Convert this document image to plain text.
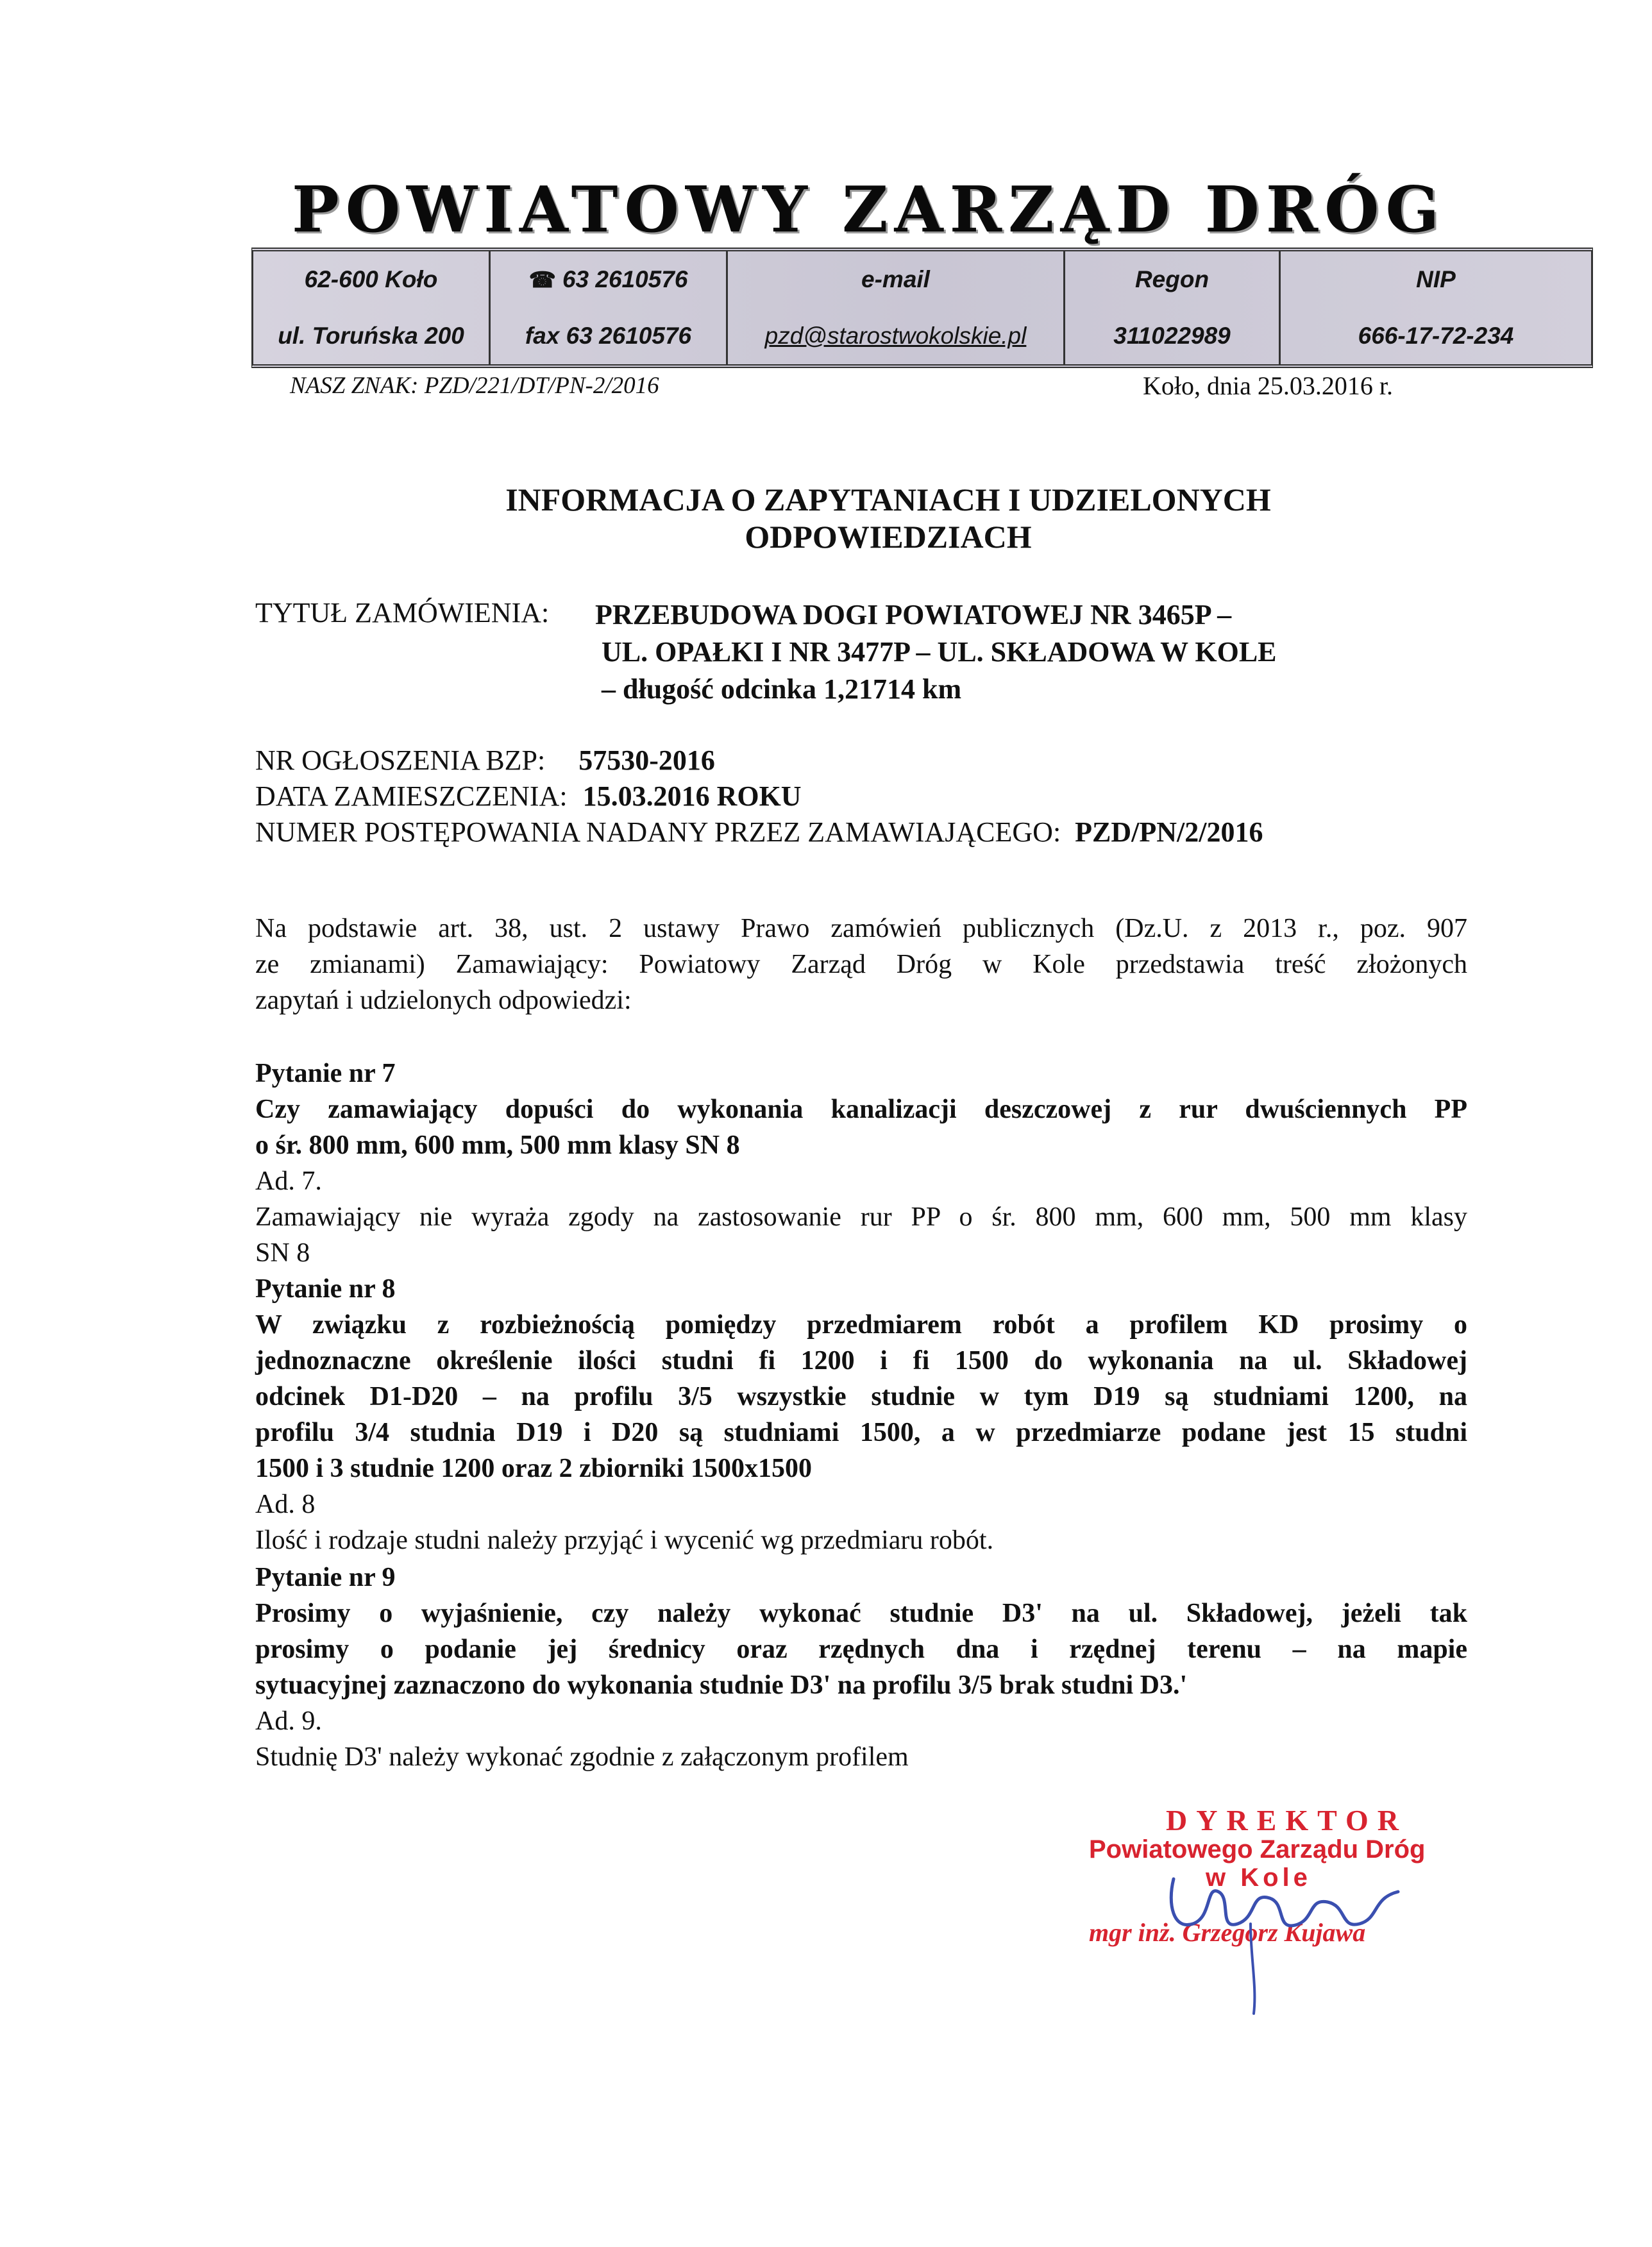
POWIATOWY ZARZĄD DRÓG
62-600 Koło
ul. Toruńska 200
☎ 63 2610576
fax 63 2610576
e-mail
pzd@starostwokolskie.pl
Regon
311022989
NIP
666-17-72-234
NASZ ZNAK: PZD/221/DT/PN-2/2016	Koło, dnia 25.03.2016 r.
INFORMACJA O ZAPYTANIACH I UDZIELONYCH
ODPOWIEDZIACH
TYTUŁ ZAMÓWIENIA: PRZEBUDOWA DOGI POWIATOWEJ NR 3465P –
UL. OPAŁKI I NR 3477P – UL. SKŁADOWA W KOLE
– długość odcinka 1,21714 km
NR OGŁOSZENIA BZP: 57530-2016
DATA ZAMIESZCZENIA: 15.03.2016 ROKU
NUMER POSTĘPOWANIA NADANY PRZEZ ZAMAWIAJĄCEGO: PZD/PN/2/2016
Na podstawie art. 38, ust. 2 ustawy Prawo zamówień publicznych (Dz.U. z 2013 r., poz. 907
ze zmianami) Zamawiający: Powiatowy Zarząd Dróg w Kole przedstawia treść złożonych
zapytań i udzielonych odpowiedzi:
Pytanie nr 7
Czy zamawiający dopuści do wykonania kanalizacji deszczowej z rur dwuściennych PP
o śr. 800 mm, 600 mm, 500 mm klasy SN 8
Ad. 7.
Zamawiający nie wyraża zgody na zastosowanie rur PP o śr. 800 mm, 600 mm, 500 mm klasy
SN 8
Pytanie nr 8
W związku z rozbieżnością pomiędzy przedmiarem robót a profilem KD prosimy o
jednoznaczne określenie ilości studni fi 1200 i fi 1500 do wykonania na ul. Składowej
odcinek D1-D20 – na profilu 3/5 wszystkie studnie w tym D19 są studniami 1200, na
profilu 3/4 studnia D19 i D20 są studniami 1500, a w przedmiarze podane jest 15 studni
1500 i 3 studnie 1200 oraz 2 zbiorniki 1500x1500
Ad. 8
Ilość i rodzaje studni należy przyjąć i wycenić wg przedmiaru robót.
Pytanie nr 9
Prosimy o wyjaśnienie, czy należy wykonać studnie D3' na ul. Składowej, jeżeli tak
prosimy o podanie jej średnicy oraz rzędnych dna i rzędnej terenu – na mapie
sytuacyjnej zaznaczono do wykonania studnie D3' na profilu 3/5 brak studni D3.'
Ad. 9.
Studnię D3' należy wykonać zgodnie z załączonym profilem
DYREKTOR
Powiatowego Zarządu Dróg
w Kole
mgr inż. Grzegorz Kujawa
